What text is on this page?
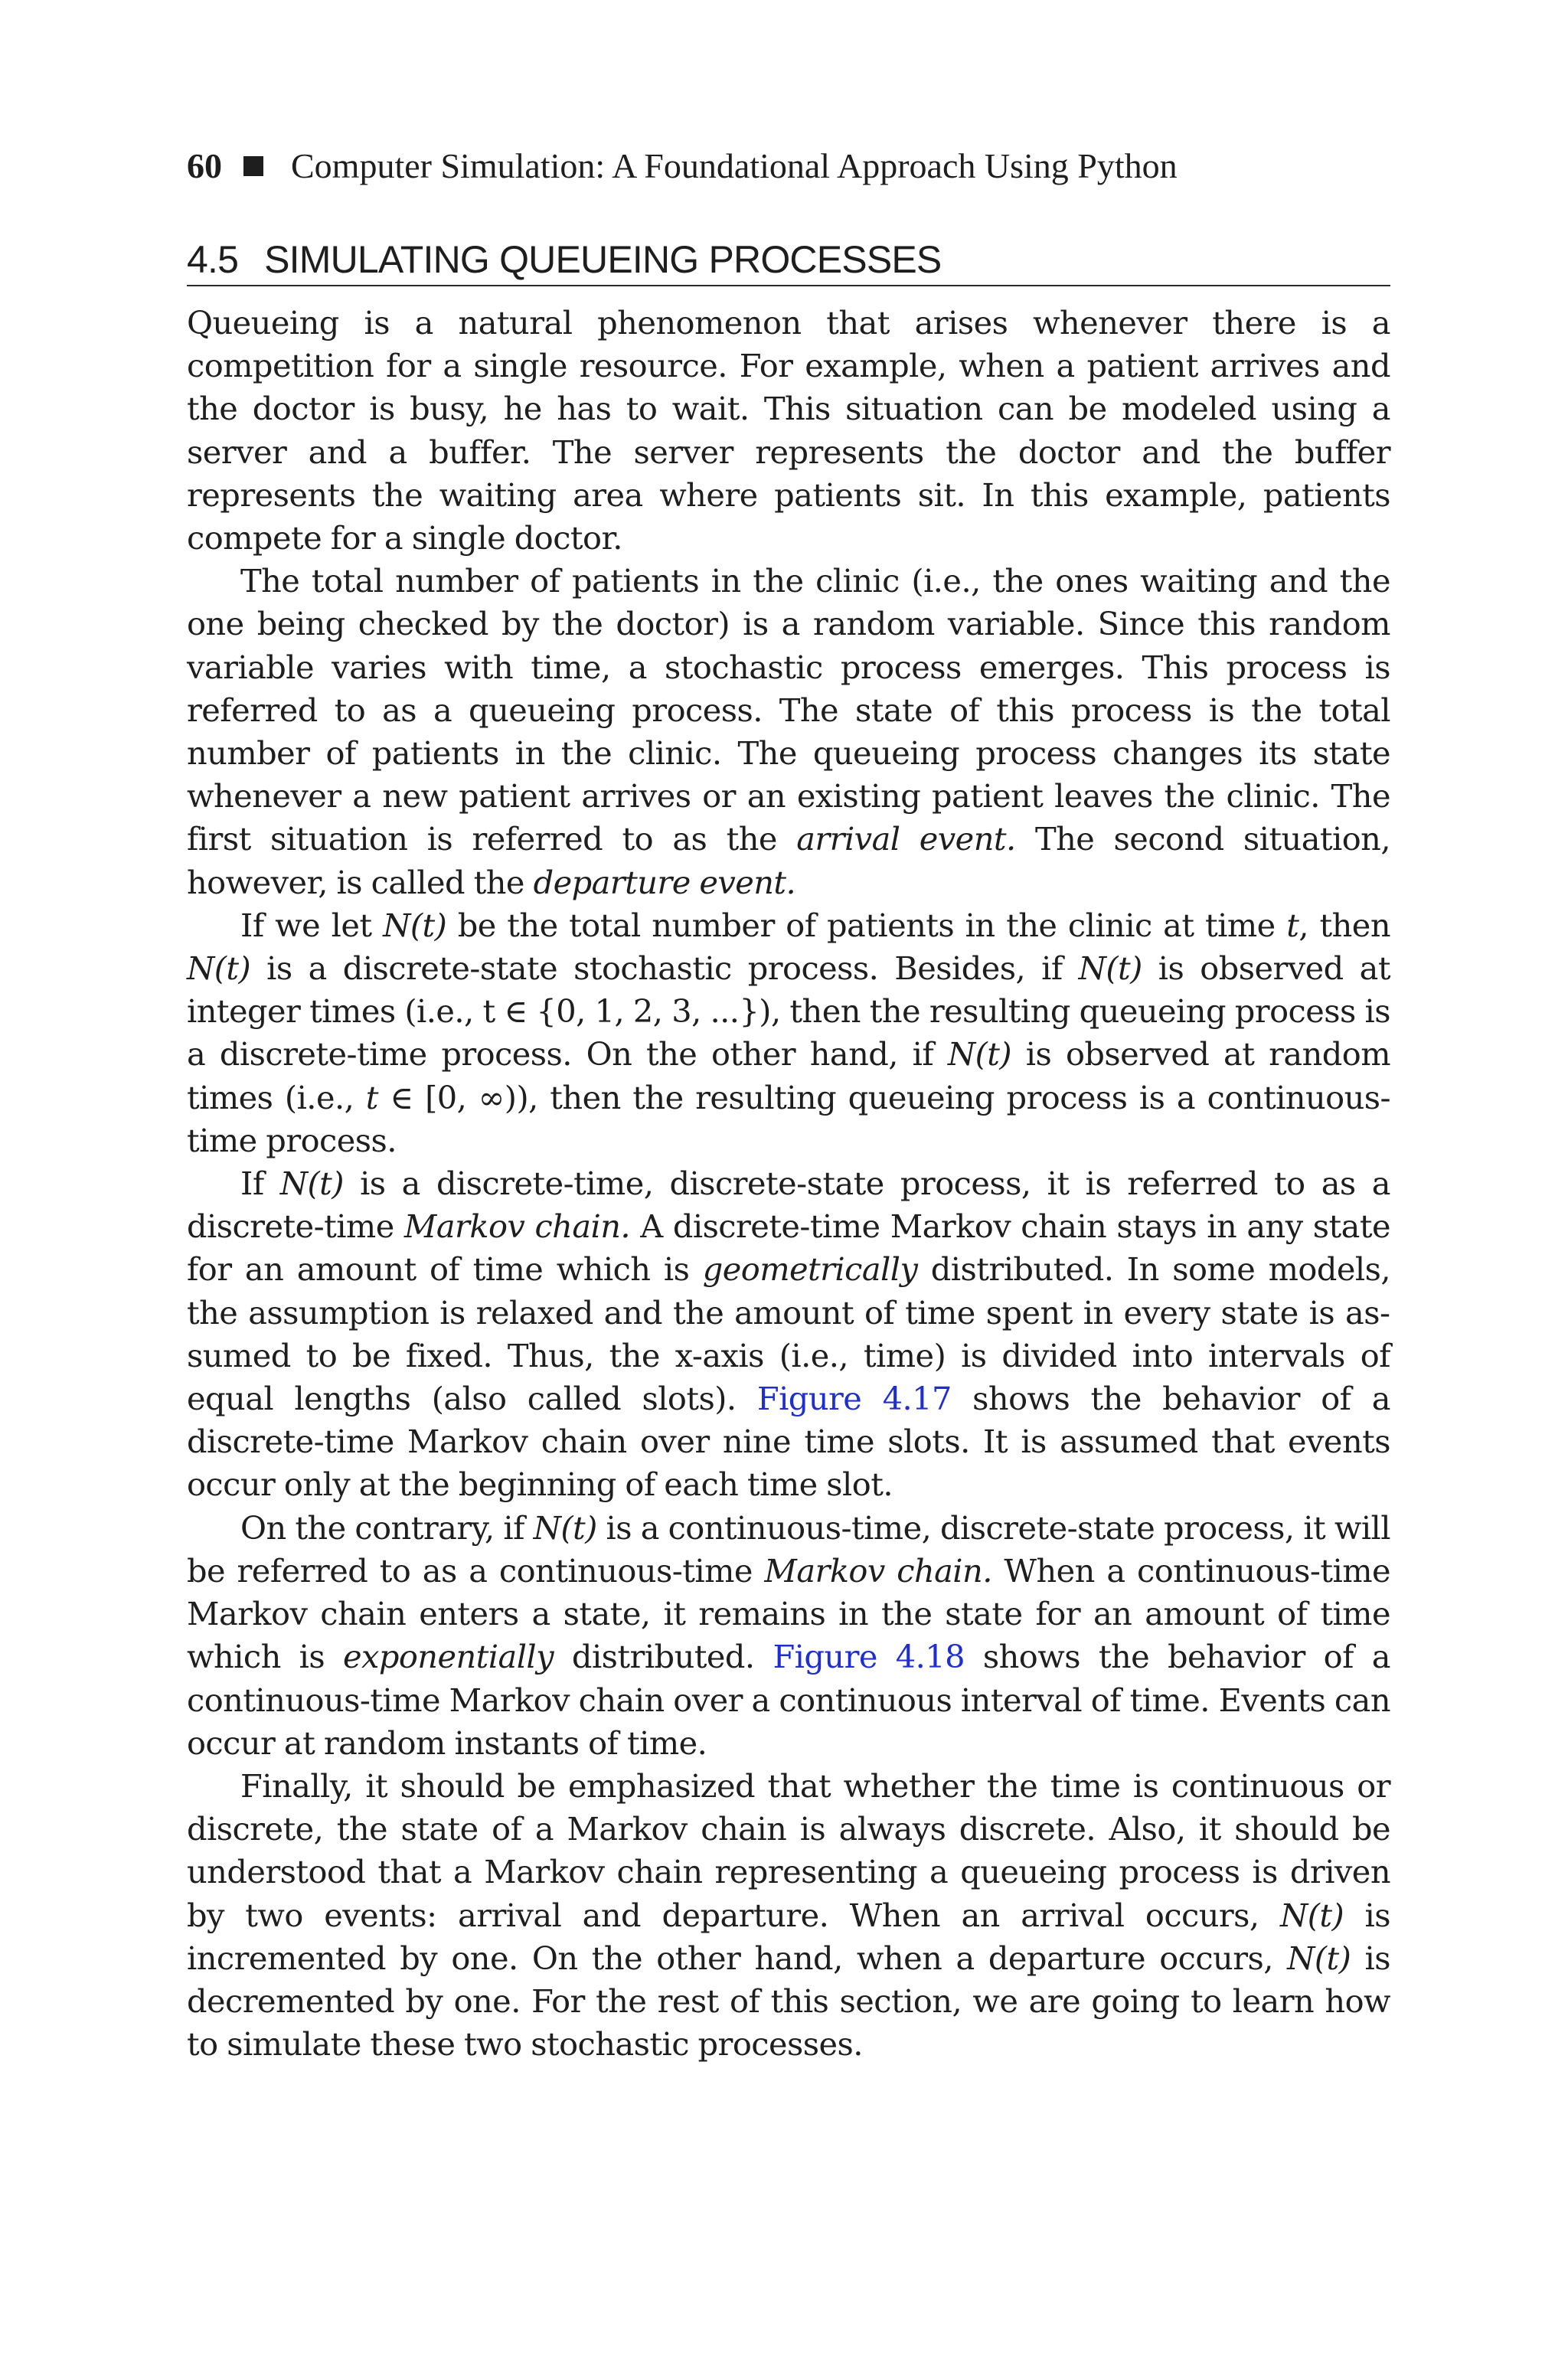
60 Computer Simulation: A Foundational Approach Using Python
4.5 SIMULATING QUEUEING PROCESSES

Queueing is a natural phenomenon that arises whenever there is a competition for a single resource. For example, when a patient arrives and the doctor is busy, he has to wait. This situation can be modeled using a server and a buffer. The server represents the doctor and the buffer represents the waiting area where patients sit. In this example, patients compete for a single doctor.

The total number of patients in the clinic (i.e., the ones waiting and the one being checked by the doctor) is a random variable. Since this random variable varies with time, a stochastic process emerges. This process is referred to as a queueing process. The state of this process is the total number of patients in the clinic. The queueing process changes its state whenever a new patient arrives or an existing patient leaves the clinic. The first situation is referred to as the arrival event. The second situation, however, is called the departure event.

If we let N(t) be the total number of patients in the clinic at time t, then N(t) is a discrete-state stochastic process. Besides, if N(t) is observed at integer times (i.e., t ∈ {0, 1, 2, 3, ...}), then the resulting queueing process is a discrete-time process. On the other hand, if N(t) is observed at random times (i.e., t ∈ [0, ∞)), then the resulting queueing process is a continuous-time process.

If N(t) is a discrete-time, discrete-state process, it is referred to as a discrete-time Markov chain. A discrete-time Markov chain stays in any state for an amount of time which is geometrically distributed. In some models, the assumption is relaxed and the amount of time spent in every state is assumed to be fixed. Thus, the x-axis (i.e., time) is divided into intervals of equal lengths (also called slots). Figure 4.17 shows the behavior of a discrete-time Markov chain over nine time slots. It is assumed that events occur only at the beginning of each time slot.

On the contrary, if N(t) is a continuous-time, discrete-state process, it will be referred to as a continuous-time Markov chain. When a continuous-time Markov chain enters a state, it remains in the state for an amount of time which is exponentially distributed. Figure 4.18 shows the behavior of a continuous-time Markov chain over a continuous interval of time. Events can occur at random instants of time.

Finally, it should be emphasized that whether the time is continuous or discrete, the state of a Markov chain is always discrete. Also, it should be understood that a Markov chain representing a queueing process is driven by two events: arrival and departure. When an arrival occurs, N(t) is incremented by one. On the other hand, when a departure occurs, N(t) is decremented by one. For the rest of this section, we are going to learn how to simulate these two stochastic processes.
